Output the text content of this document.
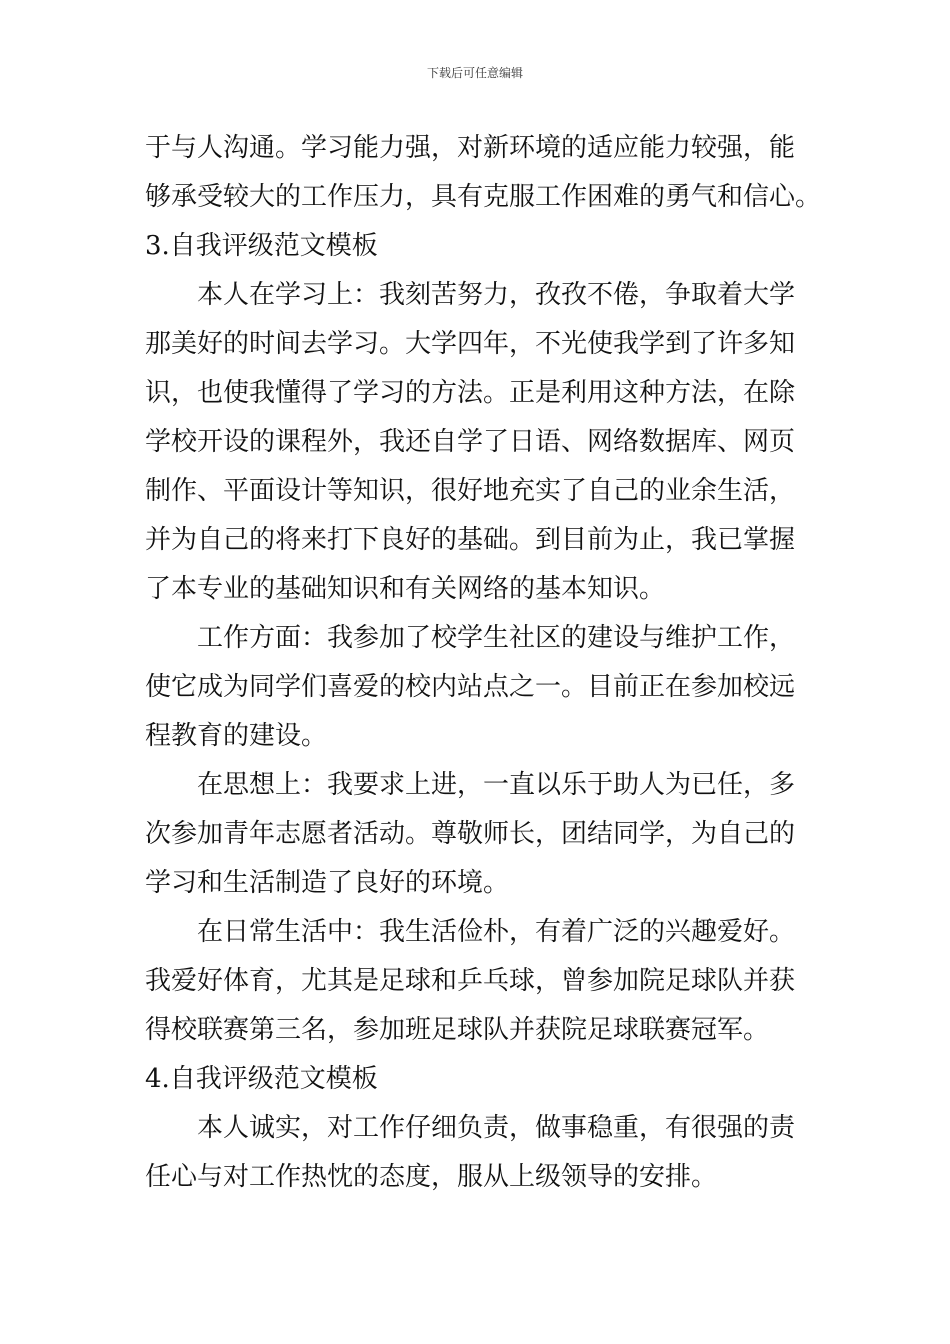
下载后可任意编辑
于与人沟通。学习能力强，对新环境的适应能力较强，能
够承受较大的工作压力，具有克服工作困难的勇气和信心。
3.自我评级范文模板
本人在学习上：我刻苦努力，孜孜不倦，争取着大学
那美好的时间去学习。大学四年，不光使我学到了许多知
识，也使我懂得了学习的方法。正是利用这种方法，在除
学校开设的课程外，我还自学了日语、网络数据库、网页
制作、平面设计等知识，很好地充实了自己的业余生活，
并为自己的将来打下良好的基础。到目前为止，我已掌握
了本专业的基础知识和有关网络的基本知识。
工作方面：我参加了校学生社区的建设与维护工作，
使它成为同学们喜爱的校内站点之一。目前正在参加校远
程教育的建设。
在思想上：我要求上进，一直以乐于助人为已任，多
次参加青年志愿者活动。尊敬师长，团结同学，为自己的
学习和生活制造了良好的环境。
在日常生活中：我生活俭朴，有着广泛的兴趣爱好。
我爱好体育，尤其是足球和乒乓球，曾参加院足球队并获
得校联赛第三名，参加班足球队并获院足球联赛冠军。
4.自我评级范文模板
本人诚实，对工作仔细负责，做事稳重，有很强的责
任心与对工作热忱的态度，服从上级领导的安排。
